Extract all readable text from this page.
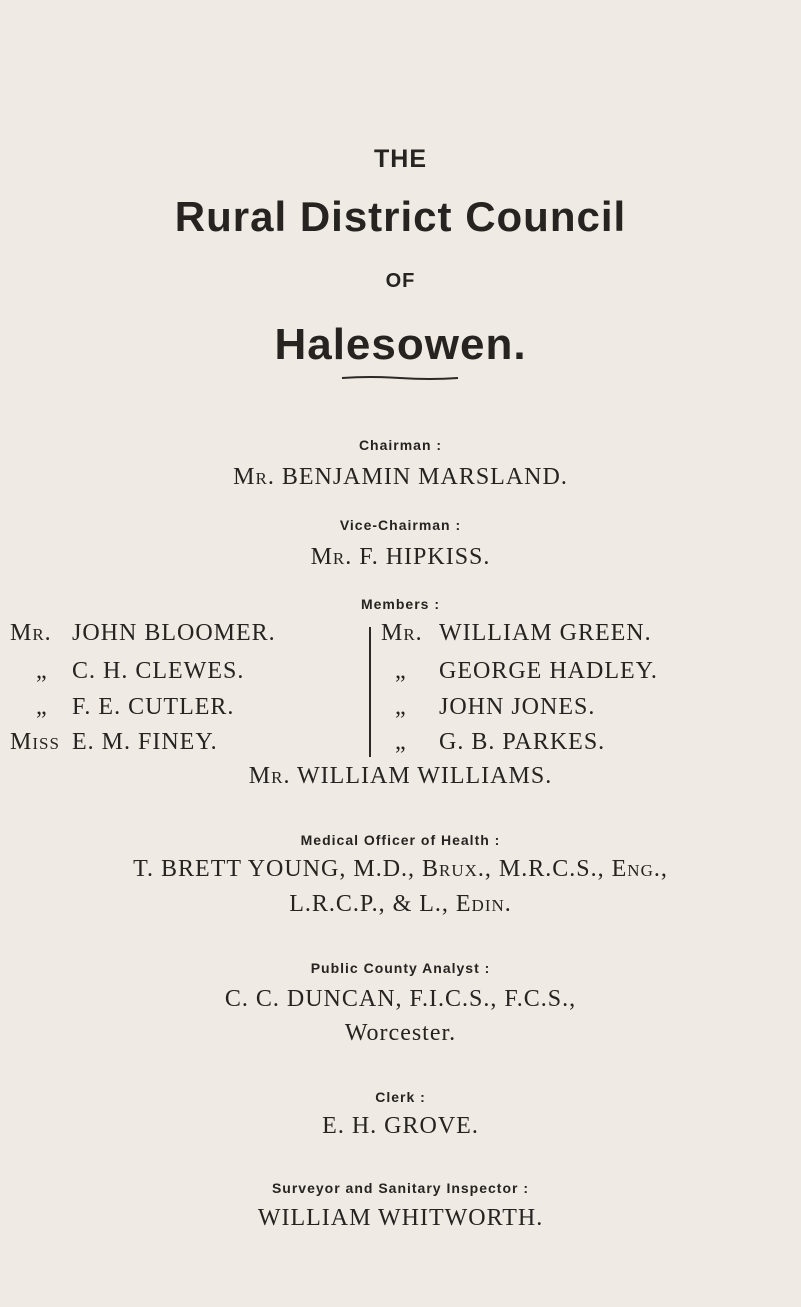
THE
Rural District Council
OF
Halesowen.
Chairman :
Mr. BENJAMIN MARSLAND.
Vice-Chairman :
Mr. F. HIPKISS.
Members :
Mr. JOHN BLOOMER.
„ C. H. CLEWES.
„ F. E. CUTLER.
Miss E. M. FINEY.
Mr. WILLIAM GREEN.
„ GEORGE HADLEY.
„ JOHN JONES.
„ G. B. PARKES.
Mr. WILLIAM WILLIAMS.
Medical Officer of Health :
T. BRETT YOUNG, M.D., Brux., M.R.C.S., Eng.,
L.R.C.P., & L., Edin.
Public County Analyst :
C. C. DUNCAN, F.I.C.S., F.C.S.,
Worcester.
Clerk :
E. H. GROVE.
Surveyor and Sanitary Inspector :
WILLIAM WHITWORTH.
